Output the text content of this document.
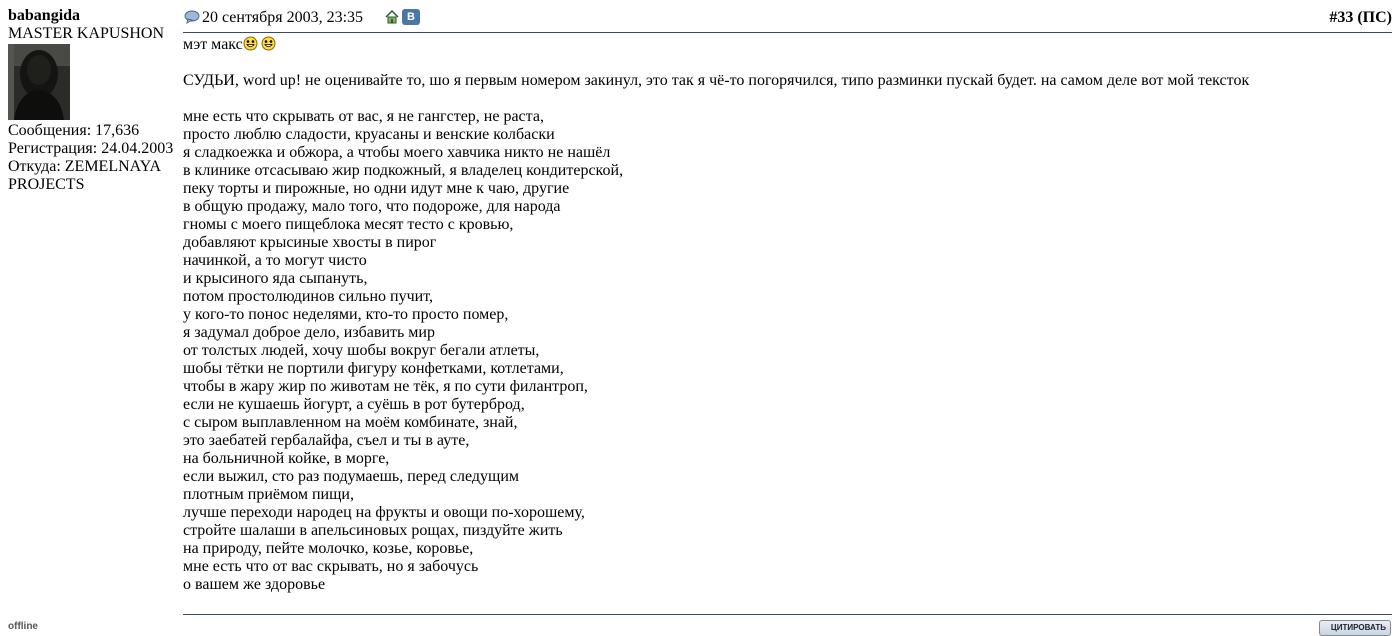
babangida
MASTER KAPUSHON
Сообщения: 17,636
Регистрация: 24.04.2003
Откуда: ZEMELNAYA
PROJECTS
20 сентября 2003, 23:35	В	#33 (ПС)
мэт макс
СУДЬИ, word up! не оценивайте то, шо я первым номером закинул, это так я чё-то погорячился, типо разминки пускай будет. на самом деле вот мой тексток
мне есть что скрывать от вас, я не гангстер, не раста,
просто люблю сладости, круасаны и венские колбаски
я сладкоежка и обжора, а чтобы моего хавчика никто не нашёл
в клинике отсасываю жир подкожный, я владелец кондитерской,
пеку торты и пирожные, но одни идут мне к чаю, другие
в общую продажу, мало того, что подороже, для народа
гномы с моего пищеблока месят тесто с кровью,
добавляют крысиные хвосты в пирог
начинкой, а то могут чисто
и крысиного яда сыпануть,
потом простолюдинов сильно пучит,
у кого-то понос неделями, кто-то просто помер,
я задумал доброе дело, избавить мир
от толстых людей, хочу шобы вокруг бегали атлеты,
шобы тётки не портили фигуру конфетками, котлетами,
чтобы в жару жир по животам не тёк, я по сути филантроп,
если не кушаешь йогурт, а суёшь в рот бутерброд,
с сыром выплавленном на моём комбинате, знай,
это заебатей гербалайфа, съел и ты в ауте,
на больничной койке, в морге,
если выжил, сто раз подумаешь, перед следущим
плотным приёмом пищи,
лучше переходи народец на фрукты и овощи по-хорошему,
стройте шалаши в апельсиновых рощах, пиздуйте жить
на природу, пейте молочко, козье, коровье,
мне есть что от вас скрывать, но я забочусь
о вашем же здоровье
offline	ЦИТИРОВАТЬ
